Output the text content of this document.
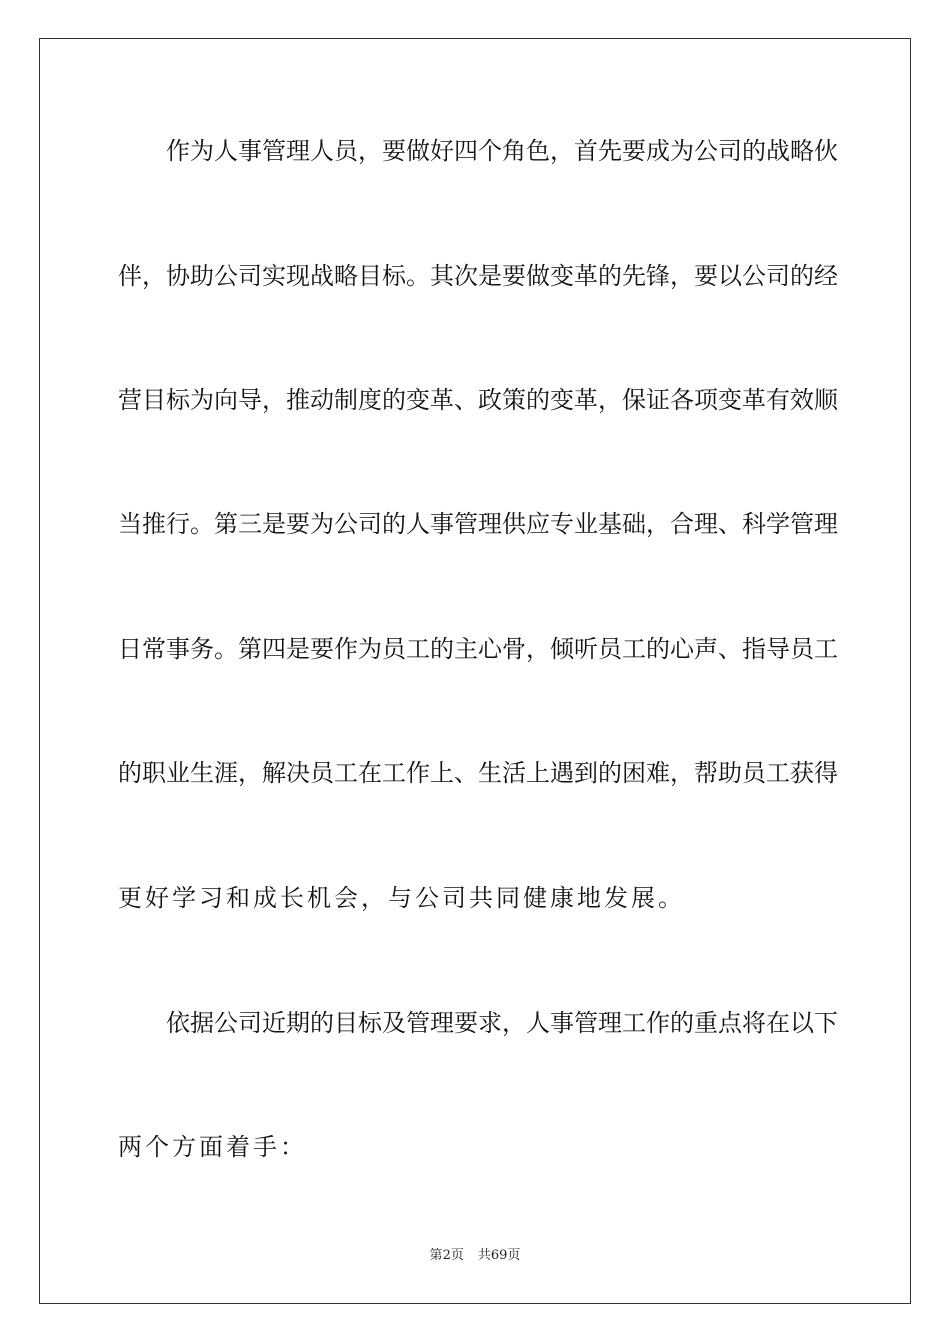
作为人事管理人员，要做好四个角色，首先要成为公司的战略伙
伴，协助公司实现战略目标。其次是要做变革的先锋，要以公司的经
营目标为向导，推动制度的变革、政策的变革，保证各项变革有效顺
当推行。第三是要为公司的人事管理供应专业基础，合理、科学管理
日常事务。第四是要作为员工的主心骨，倾听员工的心声、指导员工
的职业生涯，解决员工在工作上、生活上遇到的困难，帮助员工获得
更好学习和成长机会，与公司共同健康地发展。
依据公司近期的目标及管理要求，人事管理工作的重点将在以下
两个方面着手：
第2页 共69页
